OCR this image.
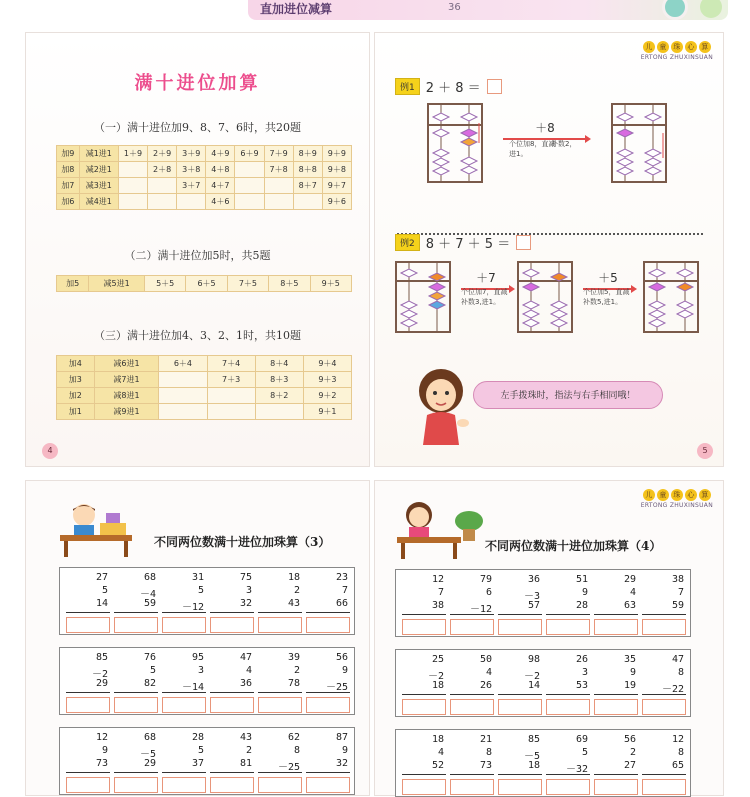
直加进位减算	36
满十进位加算
（一）满十进位加9、8、7、6时，共20题
加9	减1进1	1＋9	2＋9	3＋9	4＋9	6＋9	7＋9	8＋9	9＋9
加8	减2进1		2＋8	3＋8	4＋8		7＋8	8＋8	9＋8
加7	减3进1			3＋7	4＋7			8＋7	9＋7
加6	减4进1				4＋6				9＋6
（二）满十进位加5时，共5题
加5	减5进1	5＋5	6＋5	7＋5	8＋5	9＋5
（三）满十进位加4、3、2、1时，共10题
加4	减6进1	6＋4	7＋4	8＋4	9＋4
加3	减7进1		7＋3	8＋3	9＋3
加2	减8进1			8＋2	9＋2
加1	减9进1				9＋1
4
儿	童	珠	心	算
ERTONG ZHUXINSUAN
例1 2 ＋ 8 ＝
＋8
个位加8，直减
进1。
补数2，
例2 8 ＋ 7 ＋ 5 ＝
＋7
个位加7，直减
补数3,进1。
＋5
个位加5，直减
补数5,进1。
左手拨珠时，指法与右手相同哦！
5
不同两位数满十进位加珠算（3）
27
5
14
68
－4
59
31
5
－12
75
3
32
18
2
43
23
7
66
85
－2
29
76
5
82
95
3
－14
47
4
36
39
2
78
56
9
－25
12
9
73
68
－5
29
28
5
37
43
2
81
62
8
－25
87
9
32
儿	童	珠	心	算
ERTONG ZHUXINSUAN
不同两位数满十进位加珠算（4）
12
7
38
79
6
－12
36
－3
57
51
9
28
29
4
63
38
7
59
25
－2
18
50
4
26
98
－2
14
26
3
53
35
9
19
47
8
－22
18
4
52
21
8
73
85
－5
18
69
5
－32
56
2
27
12
8
65
